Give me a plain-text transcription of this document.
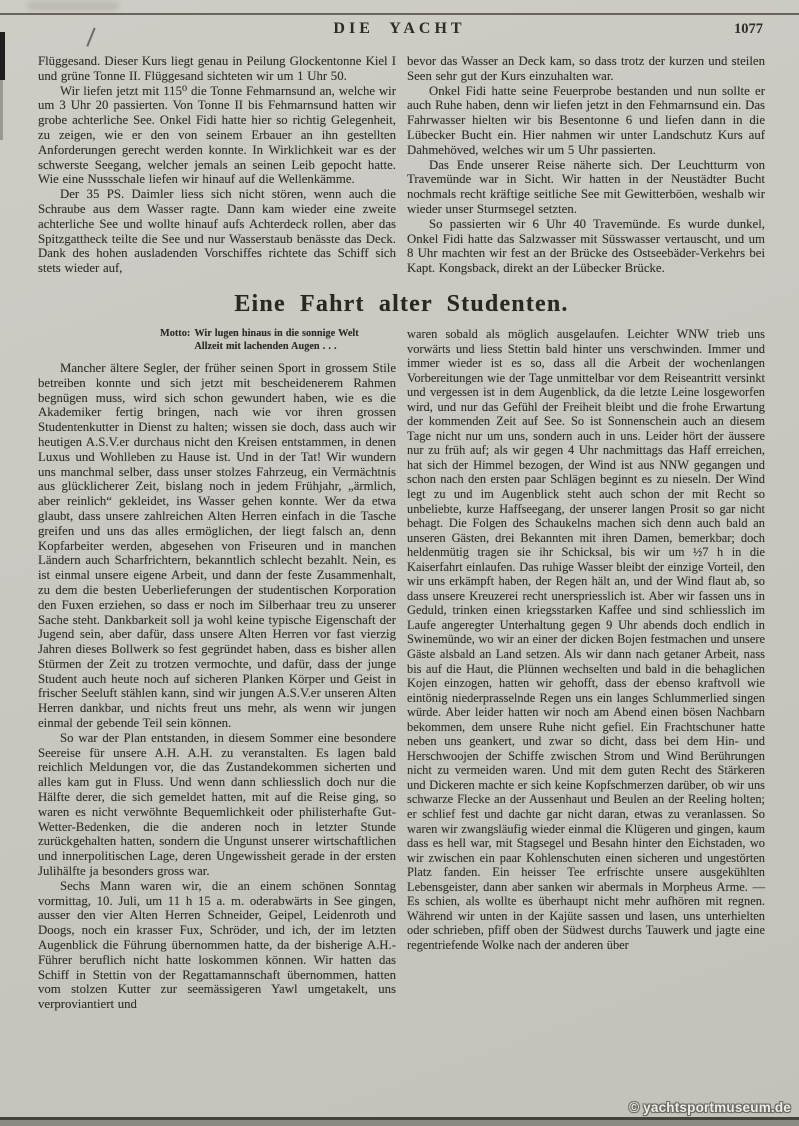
DIE YACHT	1077

Flüggesand. Dieser Kurs liegt genau in Peilung Glockentonne Kiel I und grüne Tonne II. Flüggesand sichteten wir um 1 Uhr 50.

Wir liefen jetzt mit 115⁰ die Tonne Fehmarnsund an, welche wir um 3 Uhr 20 passierten. Von Tonne II bis Fehmarnsund hatten wir grobe achterliche See. Onkel Fidi hatte hier so richtig Gelegenheit, zu zeigen, wie er den von seinem Erbauer an ihn gestellten Anforderungen gerecht werden konnte. In Wirklichkeit war es der schwerste Seegang, welcher jemals an seinen Leib gepocht hatte. Wie eine Nussschale liefen wir hinauf auf die Wellenkämme.

Der 35 PS. Daimler liess sich nicht stören, wenn auch die Schraube aus dem Wasser ragte. Dann kam wieder eine zweite achterliche See und wollte hinauf aufs Achterdeck rollen, aber das Spitzgattheck teilte die See und nur Wasserstaub benässte das Deck. Dank des hohen ausladenden Vorschiffes richtete das Schiff sich stets wieder auf,

bevor das Wasser an Deck kam, so dass trotz der kurzen und steilen Seen sehr gut der Kurs einzuhalten war.

Onkel Fidi hatte seine Feuerprobe bestanden und nun sollte er auch Ruhe haben, denn wir liefen jetzt in den Fehmarnsund ein. Das Fahrwasser hielten wir bis Besentonne 6 und liefen dann in die Lübecker Bucht ein. Hier nahmen wir unter Landschutz Kurs auf Dahmehöved, welches wir um 5 Uhr passierten.

Das Ende unserer Reise näherte sich. Der Leuchtturm von Travemünde war in Sicht. Wir hatten in der Neustädter Bucht nochmals recht kräftige seitliche See mit Gewitterböen, weshalb wir wieder unser Sturmsegel setzten.

So passierten wir 6 Uhr 40 Travemünde. Es wurde dunkel, Onkel Fidi hatte das Salzwasser mit Süsswasser vertauscht, und um 8 Uhr machten wir fest an der Brücke des Ostseebäder-Verkehrs bei Kapt. Kongsback, direkt an der Lübecker Brücke.

Eine Fahrt alter Studenten.
Motto: Wir lugen hinaus in die sonnige Welt
Allzeit mit lachenden Augen . . .

Mancher ältere Segler, der früher seinen Sport in grossem Stile betreiben konnte und sich jetzt mit bescheidenerem Rahmen begnügen muss, wird sich schon gewundert haben, wie es die Akademiker fertig bringen, nach wie vor ihren grossen Studentenkutter in Dienst zu halten; wissen sie doch, dass auch wir heutigen A.S.V.er durchaus nicht den Kreisen entstammen, in denen Luxus und Wohlleben zu Hause ist. Und in der Tat! Wir wundern uns manchmal selber, dass unser stolzes Fahrzeug, ein Vermächtnis aus glücklicherer Zeit, bislang noch in jedem Frühjahr, „ärmlich, aber reinlich“ gekleidet, ins Wasser gehen konnte. Wer da etwa glaubt, dass unsere zahlreichen Alten Herren einfach in die Tasche greifen und uns das alles ermöglichen, der liegt falsch an, denn Kopfarbeiter werden, abgesehen von Friseuren und in manchen Ländern auch Scharfrichtern, bekanntlich schlecht bezahlt. Nein, es ist einmal unsere eigene Arbeit, und dann der feste Zusammenhalt, zu dem die besten Ueberlieferungen der studentischen Korporation den Fuxen erziehen, so dass er noch im Silberhaar treu zu unserer Sache steht. Dankbarkeit soll ja wohl keine typische Eigenschaft der Jugend sein, aber dafür, dass unsere Alten Herren vor fast vierzig Jahren dieses Bollwerk so fest gegründet haben, dass es bisher allen Stürmen der Zeit zu trotzen vermochte, und dafür, dass der junge Student auch heute noch auf sicheren Planken Körper und Geist in frischer Seeluft stählen kann, sind wir jungen A.S.V.er unseren Alten Herren dankbar, und nichts freut uns mehr, als wenn wir jungen einmal der gebende Teil sein können.

So war der Plan entstanden, in diesem Sommer eine besondere Seereise für unsere A.H. A.H. zu veranstalten. Es lagen bald reichlich Meldungen vor, die das Zustandekommen sicherten und alles kam gut in Fluss. Und wenn dann schliesslich doch nur die Hälfte derer, die sich gemeldet hatten, mit auf die Reise ging, so waren es nicht verwöhnte Bequemlichkeit oder philisterhafte Gut-Wetter-Bedenken, die die anderen noch in letzter Stunde zurückgehalten hatten, sondern die Ungunst unserer wirtschaftlichen und innerpolitischen Lage, deren Ungewissheit gerade in der ersten Julihälfte ja besonders gross war.

Sechs Mann waren wir, die an einem schönen Sonntag vormittag, 10. Juli, um 11 h 15 a. m. oderabwärts in See gingen, ausser den vier Alten Herren Schneider, Geipel, Leidenroth und Doogs, noch ein krasser Fux, Schröder, und ich, der im letzten Augenblick die Führung übernommen hatte, da der bisherige A.H.-Führer beruflich nicht hatte loskommen können. Wir hatten das Schiff in Stettin von der Regattamannschaft übernommen, hatten vom stolzen Kutter zur seemässigeren Yawl umgetakelt, uns verproviantiert und

waren sobald als möglich ausgelaufen. Leichter WNW trieb uns vorwärts und liess Stettin bald hinter uns verschwinden. Immer und immer wieder ist es so, dass all die Arbeit der wochenlangen Vorbereitungen wie der Tage unmittelbar vor dem Reiseantritt versinkt und vergessen ist in dem Augenblick, da die letzte Leine losgeworfen wird, und nur das Gefühl der Freiheit bleibt und die frohe Erwartung der kommenden Zeit auf See. So ist Sonnenschein auch an diesem Tage nicht nur um uns, sondern auch in uns. Leider hört der äussere nur zu früh auf; als wir gegen 4 Uhr nachmittags das Haff erreichen, hat sich der Himmel bezogen, der Wind ist aus NNW gegangen und schon nach den ersten paar Schlägen beginnt es zu nieseln. Der Wind legt zu und im Augenblick steht auch schon der mit Recht so unbeliebte, kurze Haffseegang, der unserer langen Prosit so gar nicht behagt. Die Folgen des Schaukelns machen sich denn auch bald an unseren Gästen, drei Bekannten mit ihren Damen, bemerkbar; doch heldenmütig tragen sie ihr Schicksal, bis wir um ½7 h in die Kaiserfahrt einlaufen. Das ruhige Wasser bleibt der einzige Vorteil, den wir uns erkämpft haben, der Regen hält an, und der Wind flaut ab, so dass unsere Kreuzerei recht unerspriesslich ist. Aber wir fassen uns in Geduld, trinken einen kriegsstarken Kaffee und sind schliesslich im Laufe angeregter Unterhaltung gegen 9 Uhr abends doch endlich in Swinemünde, wo wir an einer der dicken Bojen festmachen und unsere Gäste alsbald an Land setzen. Als wir dann nach getaner Arbeit, nass bis auf die Haut, die Plünnen wechselten und bald in die behaglichen Kojen einzogen, hatten wir gehofft, dass der ebenso kraftvoll wie eintönig niederprasselnde Regen uns ein langes Schlummerlied singen würde. Aber leider hatten wir noch am Abend einen bösen Nachbarn bekommen, dem unsere Ruhe nicht gefiel. Ein Frachtschuner hatte neben uns geankert, und zwar so dicht, dass bei dem Hin- und Herschwoojen der Schiffe zwischen Strom und Wind Berührungen nicht zu vermeiden waren. Und mit dem guten Recht des Stärkeren und Dickeren machte er sich keine Kopfschmerzen darüber, ob wir uns schwarze Flecke an der Aussenhaut und Beulen an der Reeling holten; er schlief fest und dachte gar nicht daran, etwas zu veranlassen. So waren wir zwangsläufig wieder einmal die Klügeren und gingen, kaum dass es hell war, mit Stagsegel und Besahn hinter den Eichstaden, wo wir zwischen ein paar Kohlenschuten einen sicheren und ungestörten Platz fanden. Ein heisser Tee erfrischte unsere ausgekühlten Lebensgeister, dann aber sanken wir abermals in Morpheus Arme. — Es schien, als wollte es überhaupt nicht mehr aufhören mit regnen. Während wir unten in der Kajüte sassen und lasen, uns unterhielten oder schrieben, pfiff oben der Südwest durchs Tauwerk und jagte eine regentriefende Wolke nach der anderen über

© yachtsportmuseum.de
